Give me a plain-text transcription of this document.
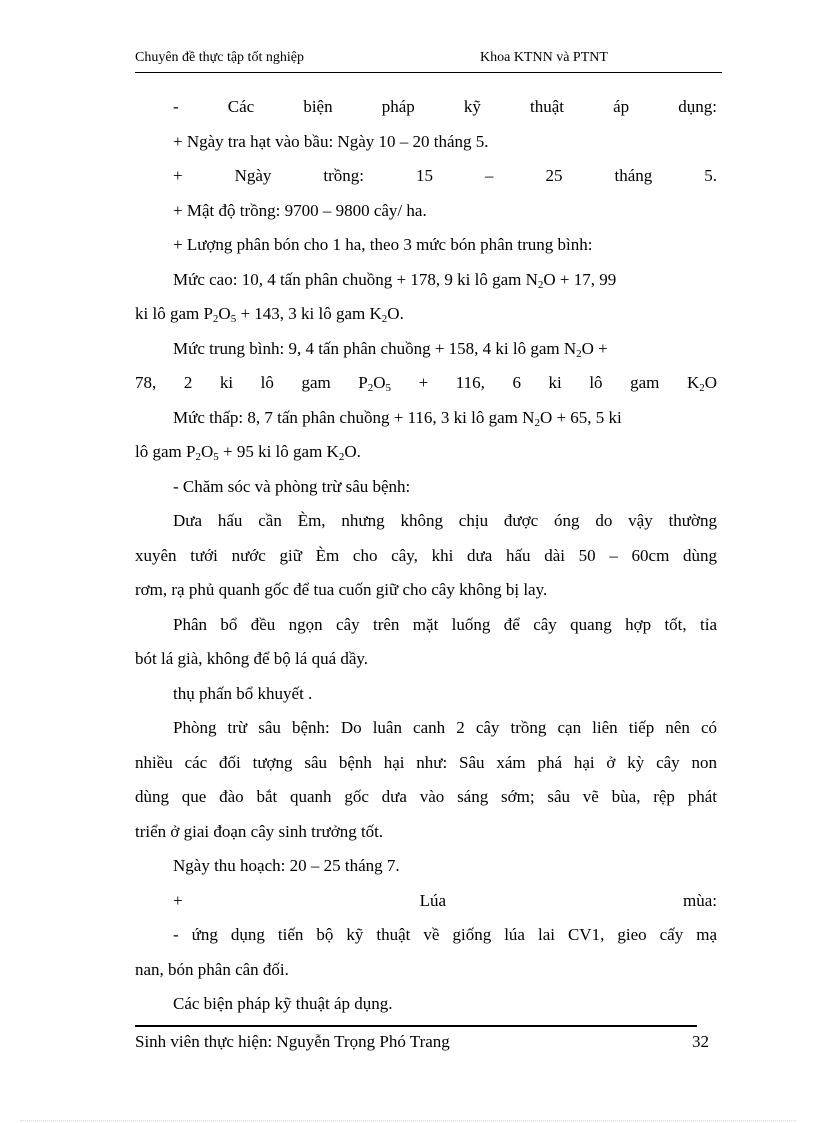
Chuyên đề thực tập tốt nghiệp	Khoa KTNN và PTNT
- Các biện pháp kỹ thuật áp dụng:
+ Ngày tra hạt vào bầu: Ngày 10 – 20 tháng 5.
+ Ngày trồng: 15 – 25 tháng 5.
+ Mật độ trồng: 9700 – 9800 cây/ ha.
+ Lượng phân bón cho 1 ha, theo 3 mức bón phân trung bình:
Mức cao: 10, 4 tấn phân chuồng + 178, 9 ki lô gam $N_2O + 17$, 99
ki lô gam $P_2O_5 + 143$, 3 ki lô gam $K_2O$.
Mức trung bình: 9, 4 tấn phân chuồng + 158, 4 ki lô gam $N_2O$ +
78, 2 ki lô gam $P_2O_5 + 116$, 6 ki lô gam $K_2O$
Mức thấp: 8, 7 tấn phân chuồng + 116, 3 ki lô gam $N_2O + 65$, 5 ki
lô gam $P_2O_5 + 95$ ki lô gam $K_2O$.
- Chăm sóc và phòng trừ sâu bệnh:
Dưa hấu cần Èm, nhưng không chịu được óng do vậy thường
xuyên tưới nước giữ Èm cho cây, khi dưa hấu dài 50 – 60cm dùng
rơm, rạ phủ quanh gốc để tua cuốn giữ cho cây không bị lay.
Phân bổ đều ngọn cây trên mặt luống để cây quang hợp tốt, tỉa
bót lá già, không để bộ lá quá dầy.
thụ phấn bổ khuyết .
Phòng trừ sâu bệnh: Do luân canh 2 cây trồng cạn liên tiếp nên có
nhiều các đối tượng sâu bệnh hại như: Sâu xám phá hại ở kỳ cây non
dùng que đào bắt quanh gốc dưa vào sáng sớm; sâu vẽ bùa, rệp phát
triển ở giai đoạn cây sinh trưởng tốt.
Ngày thu hoạch: 20 – 25 tháng 7.
+ Lúa mùa:
- ứng dụng tiến bộ kỹ thuật về giống lúa lai CV1, gieo cấy mạ
nan, bón phân cân đối.
Các biện pháp kỹ thuật áp dụng.
Sinh viên thực hiện: Nguyễn Trọng Phó Trang	32
